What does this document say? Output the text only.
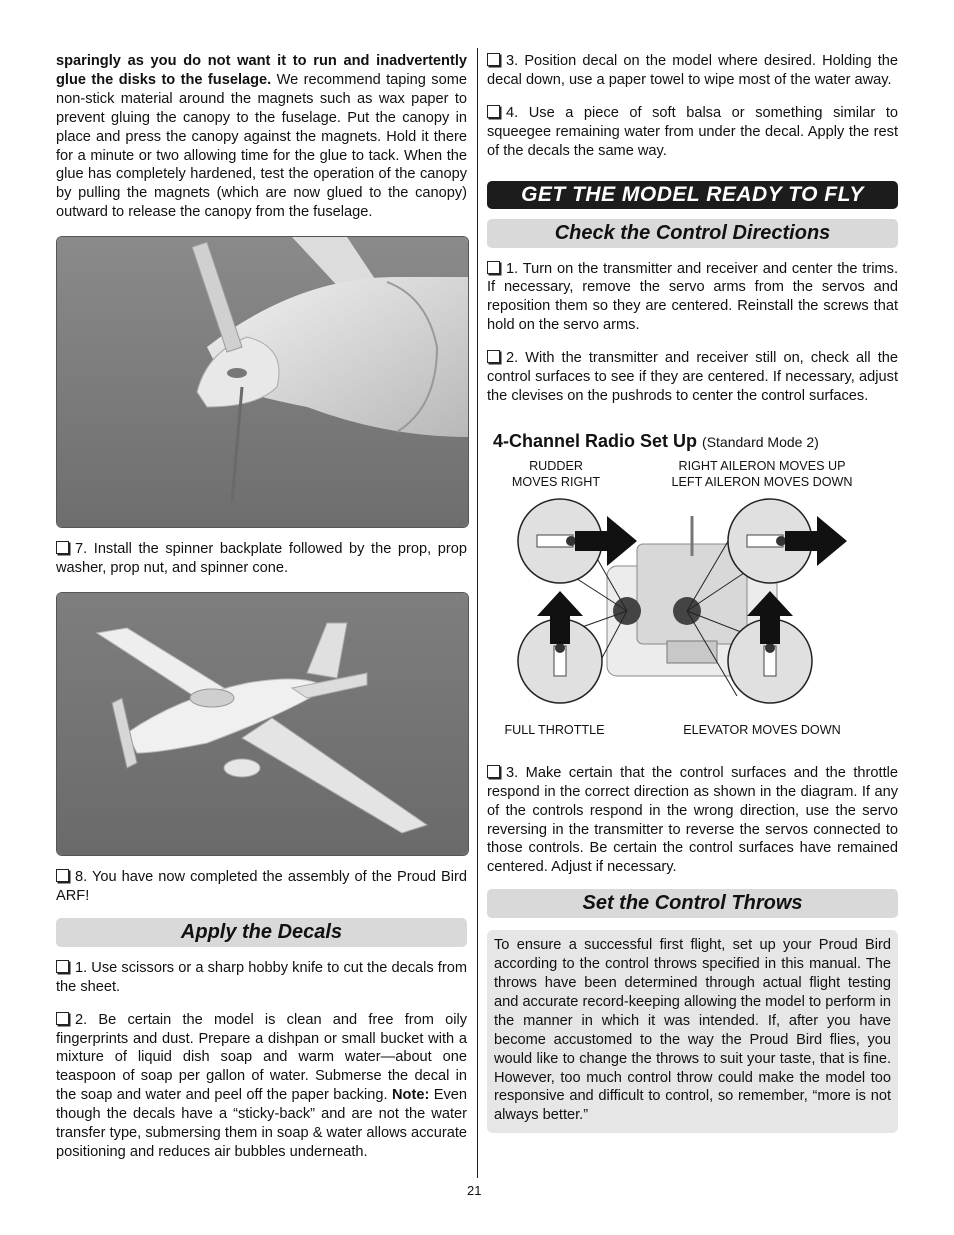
sparingly as you do not want it to run and inadvertently glue the disks to the fuselage. We recommend taping some non-stick material around the magnets such as wax paper to prevent gluing the canopy to the fuselage. Put the canopy in place and press the canopy against the magnets. Hold it there for a minute or two allowing time for the glue to tack. When the glue has completely hardened, test the operation of the canopy by pulling the magnets (which are now glued to the canopy) outward to release the canopy from the fuselage.

7. Install the spinner backplate followed by the prop, prop washer, prop nut, and spinner cone.

8. You have now completed the assembly of the Proud Bird ARF!

Apply the Decals

1. Use scissors or a sharp hobby knife to cut the decals from the sheet.

2. Be certain the model is clean and free from oily fingerprints and dust. Prepare a dishpan or small bucket with a mixture of liquid dish soap and warm water—about one teaspoon of soap per gallon of water. Submerse the decal in the soap and water and peel off the paper backing. Note: Even though the decals have a “sticky-back” and are not the water transfer type, submersing them in soap & water allows accurate positioning and reduces air bubbles underneath.

3. Position decal on the model where desired. Holding the decal down, use a paper towel to wipe most of the water away.

4. Use a piece of soft balsa or something similar to squeegee remaining water from under the decal. Apply the rest of the decals the same way.

GET THE MODEL READY TO FLY
Check the Control Directions

1. Turn on the transmitter and receiver and center the trims. If necessary, remove the servo arms from the servos and reposition them so they are centered. Reinstall the screws that hold on the servo arms.

2. With the transmitter and receiver still on, check all the control surfaces to see if they are centered. If necessary, adjust the clevises on the pushrods to center the control surfaces.

4-Channel Radio Set Up (Standard Mode 2)
RUDDER
MOVES RIGHT
RIGHT AILERON MOVES UP
LEFT AILERON MOVES DOWN
FULL THROTTLE	ELEVATOR MOVES DOWN

3. Make certain that the control surfaces and the throttle respond in the correct direction as shown in the diagram. If any of the controls respond in the wrong direction, use the servo reversing in the transmitter to reverse the servos connected to those controls. Be certain the control surfaces have remained centered. Adjust if necessary.

Set the Control Throws

To ensure a successful first flight, set up your Proud Bird according to the control throws specified in this manual. The throws have been determined through actual flight testing and accurate record-keeping allowing the model to perform in the manner in which it was intended. If, after you have become accustomed to the way the Proud Bird flies, you would like to change the throws to suit your taste, that is fine. However, too much control throw could make the model too responsive and difficult to control, so remember, “more is not always better.”

21
